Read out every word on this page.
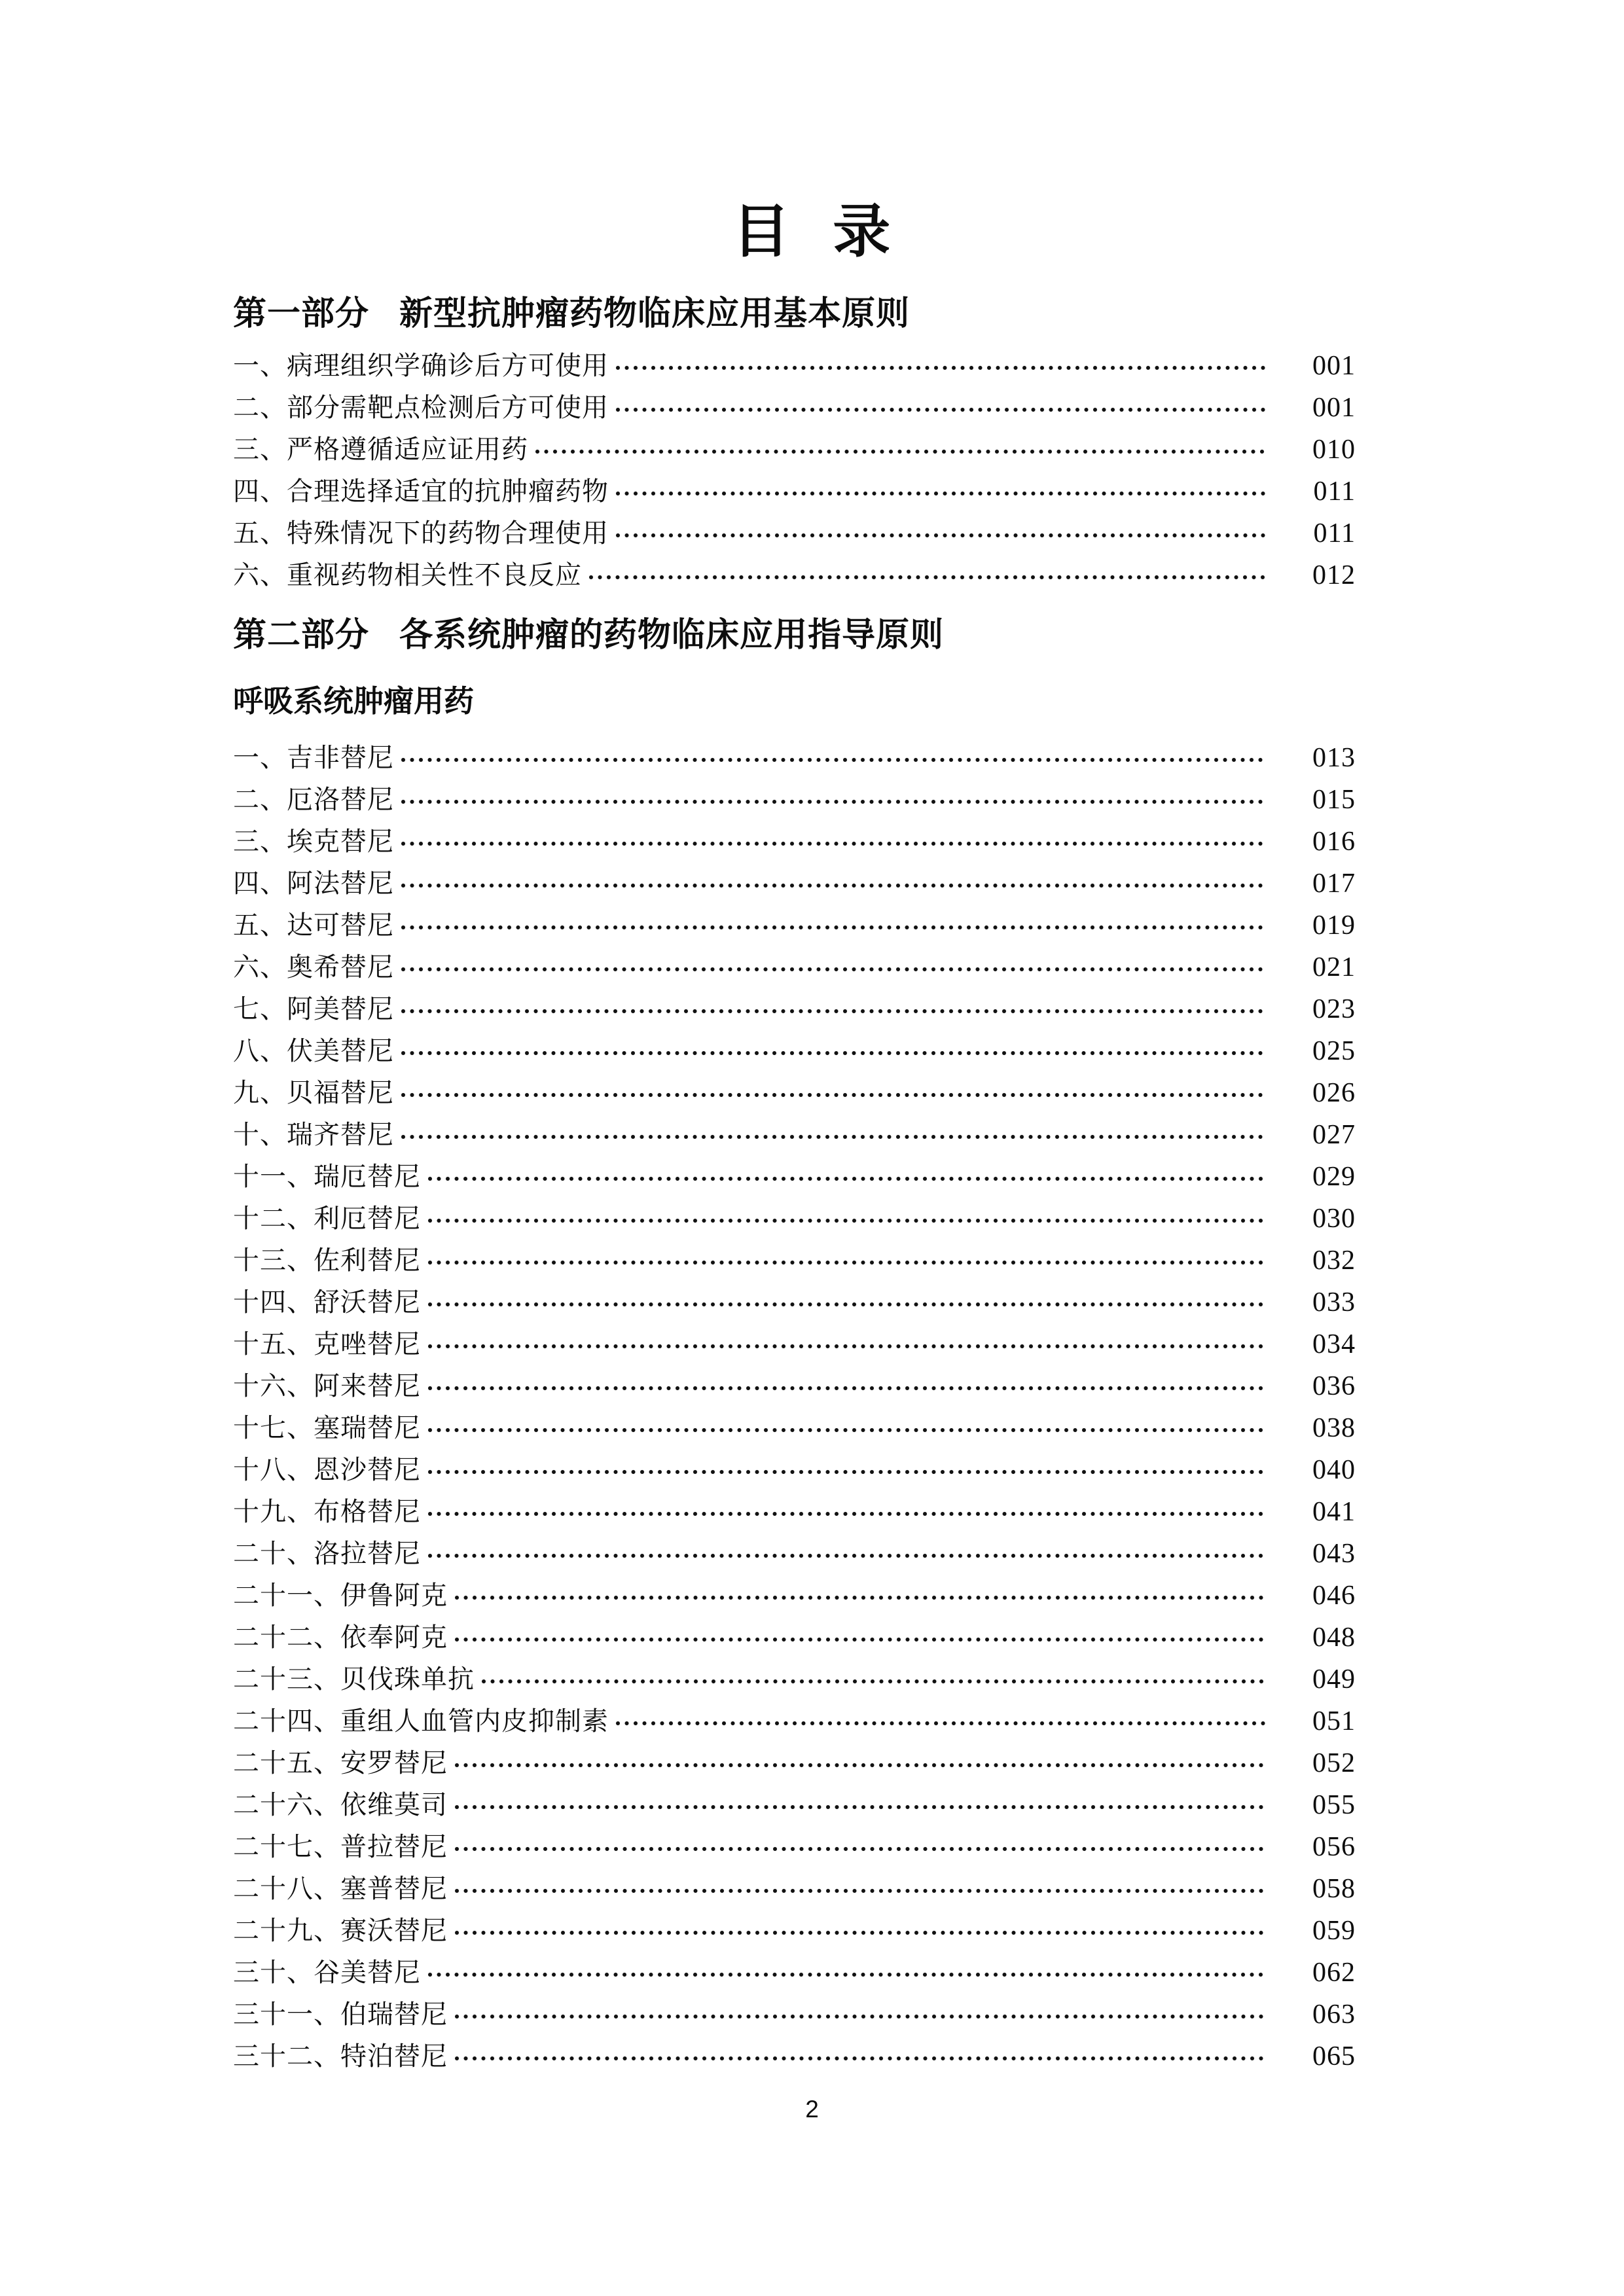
目 录
第一部分 新型抗肿瘤药物临床应用基本原则
一、病理组织学确诊后方可使用	001
二、部分需靶点检测后方可使用	001
三、严格遵循适应证用药	010
四、合理选择适宜的抗肿瘤药物	011
五、特殊情况下的药物合理使用	011
六、重视药物相关性不良反应	012
第二部分 各系统肿瘤的药物临床应用指导原则
呼吸系统肿瘤用药
一、吉非替尼	013
二、厄洛替尼	015
三、埃克替尼	016
四、阿法替尼	017
五、达可替尼	019
六、奥希替尼	021
七、阿美替尼	023
八、伏美替尼	025
九、贝福替尼	026
十、瑞齐替尼	027
十一、瑞厄替尼	029
十二、利厄替尼	030
十三、佐利替尼	032
十四、舒沃替尼	033
十五、克唑替尼	034
十六、阿来替尼	036
十七、塞瑞替尼	038
十八、恩沙替尼	040
十九、布格替尼	041
二十、洛拉替尼	043
二十一、伊鲁阿克	046
二十二、依奉阿克	048
二十三、贝伐珠单抗	049
二十四、重组人血管内皮抑制素	051
二十五、安罗替尼	052
二十六、依维莫司	055
二十七、普拉替尼	056
二十八、塞普替尼	058
二十九、赛沃替尼	059
三十、谷美替尼	062
三十一、伯瑞替尼	063
三十二、特泊替尼	065
2
